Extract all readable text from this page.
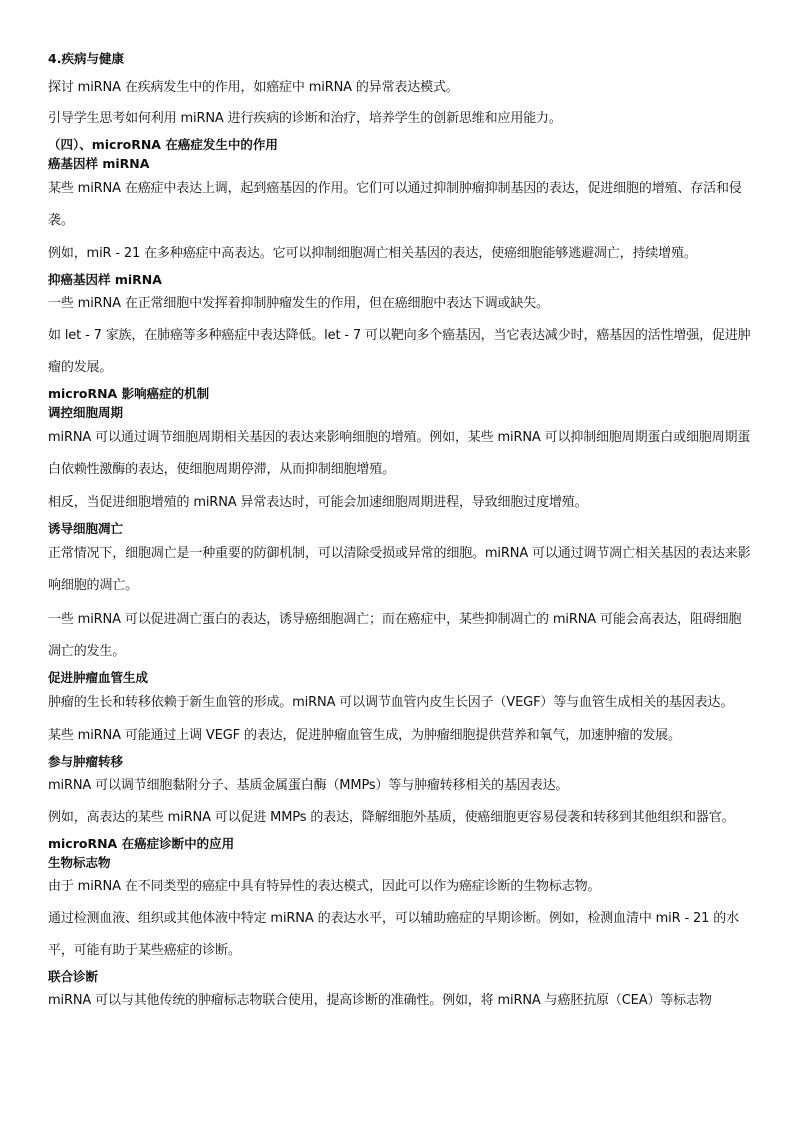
4.疾病与健康
探讨 miRNA 在疾病发生中的作用，如癌症中 miRNA 的异常表达模式。
引导学生思考如何利用 miRNA 进行疾病的诊断和治疗，培养学生的创新思维和应用能力。
（四）、microRNA 在癌症发生中的作用
癌基因样 miRNA
某些 miRNA 在癌症中表达上调，起到癌基因的作用。它们可以通过抑制肿瘤抑制基因的表达，促进细胞的增殖、存活和侵袭。
例如，miR - 21 在多种癌症中高表达。它可以抑制细胞凋亡相关基因的表达，使癌细胞能够逃避凋亡，持续增殖。
抑癌基因样 miRNA
一些 miRNA 在正常细胞中发挥着抑制肿瘤发生的作用，但在癌细胞中表达下调或缺失。
如 let - 7 家族，在肺癌等多种癌症中表达降低。let - 7 可以靶向多个癌基因，当它表达减少时，癌基因的活性增强，促进肿瘤的发展。
microRNA 影响癌症的机制
调控细胞周期
miRNA 可以通过调节细胞周期相关基因的表达来影响细胞的增殖。例如，某些 miRNA 可以抑制细胞周期蛋白或细胞周期蛋白依赖性激酶的表达，使细胞周期停滞，从而抑制细胞增殖。
相反，当促进细胞增殖的 miRNA 异常表达时，可能会加速细胞周期进程，导致细胞过度增殖。
诱导细胞凋亡
正常情况下，细胞凋亡是一种重要的防御机制，可以清除受损或异常的细胞。miRNA 可以通过调节凋亡相关基因的表达来影响细胞的凋亡。
一些 miRNA 可以促进凋亡蛋白的表达，诱导癌细胞凋亡；而在癌症中，某些抑制凋亡的 miRNA 可能会高表达，阻碍细胞凋亡的发生。
促进肿瘤血管生成
肿瘤的生长和转移依赖于新生血管的形成。miRNA 可以调节血管内皮生长因子（VEGF）等与血管生成相关的基因表达。
某些 miRNA 可能通过上调 VEGF 的表达，促进肿瘤血管生成，为肿瘤细胞提供营养和氧气，加速肿瘤的发展。
参与肿瘤转移
miRNA 可以调节细胞黏附分子、基质金属蛋白酶（MMPs）等与肿瘤转移相关的基因表达。
例如，高表达的某些 miRNA 可以促进 MMPs 的表达，降解细胞外基质，使癌细胞更容易侵袭和转移到其他组织和器官。
microRNA 在癌症诊断中的应用
生物标志物
由于 miRNA 在不同类型的癌症中具有特异性的表达模式，因此可以作为癌症诊断的生物标志物。
通过检测血液、组织或其他体液中特定 miRNA 的表达水平，可以辅助癌症的早期诊断。例如，检测血清中 miR - 21 的水平，可能有助于某些癌症的诊断。
联合诊断
miRNA 可以与其他传统的肿瘤标志物联合使用，提高诊断的准确性。例如，将 miRNA 与癌胚抗原（CEA）等标志物
